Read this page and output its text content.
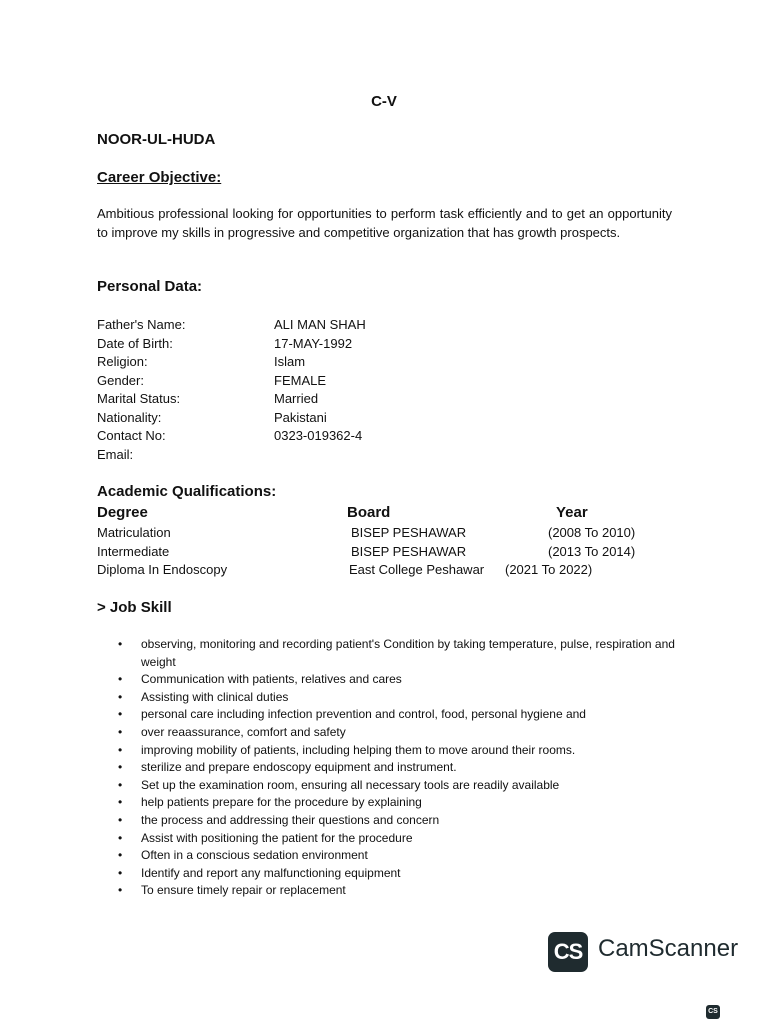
C-V
NOOR-UL-HUDA
Career Objective:
Ambitious professional looking for opportunities to perform task efficiently and to get an opportunity to improve my skills in progressive and competitive organization that has growth prospects.
Personal Data:
Father's Name:	ALI MAN SHAH
Date of Birth:	17-MAY-1992
Religion:	Islam
Gender:	FEMALE
Marital Status:	Married
Nationality:	Pakistani
Contact No:	0323-019362-4
Email:
Academic Qualifications:
Degree	Board	Year
Matriculation	BISEP PESHAWAR	(2008 To 2010)
Intermediate	BISEP PESHAWAR	(2013 To 2014)
Diploma In Endoscopy	East College Peshawar (2021 To 2022)
> Job Skill
• observing, monitoring and recording patient's Condition by taking temperature, pulse, respiration and weight
• Communication with patients, relatives and cares
• Assisting with clinical duties
• personal care including infection prevention and control, food, personal hygiene and
• over reaassurance, comfort and safety
• improving mobility of patients, including helping them to move around their rooms.
• sterilize and prepare endoscopy equipment and instrument.
• Set up the examination room, ensuring all necessary tools are readily available
• help patients prepare for the procedure by explaining
• the process and addressing their questions and concern
• Assist with positioning the patient for the procedure
• Often in a conscious sedation environment
• Identify and report any malfunctioning equipment
• To ensure timely repair or replacement
CS CamScanner
CS
